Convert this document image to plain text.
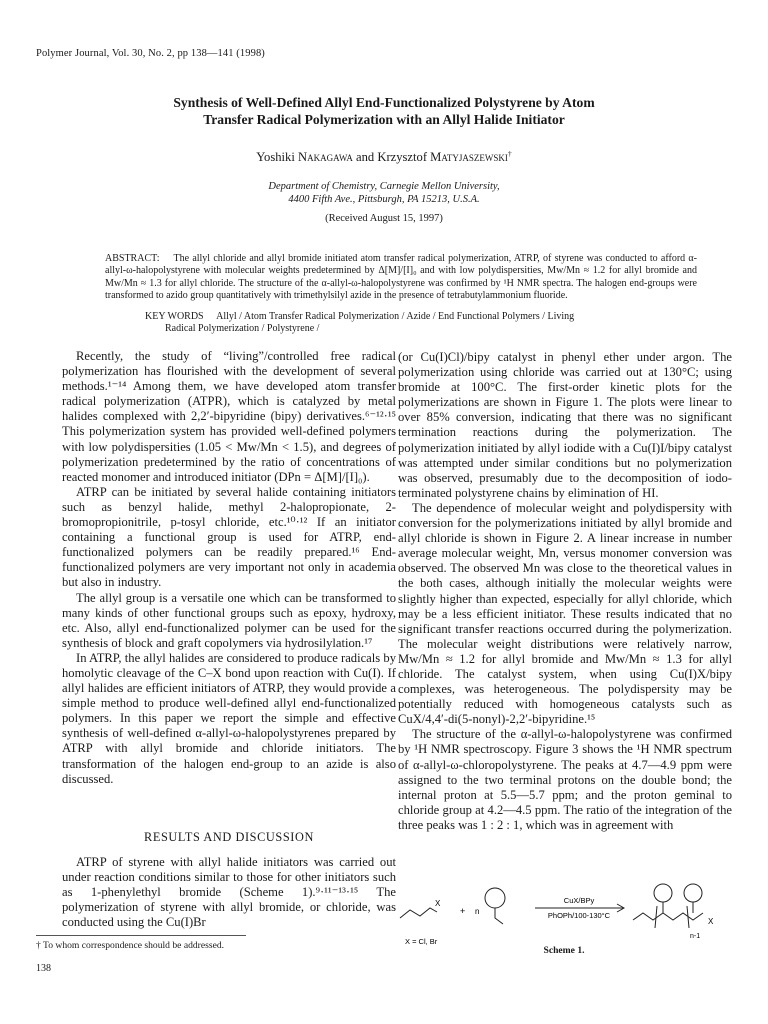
Polymer Journal, Vol. 30, No. 2, pp 138—141 (1998)
Synthesis of Well-Defined Allyl End-Functionalized Polystyrene by Atom
Transfer Radical Polymerization with an Allyl Halide Initiator
Yoshiki Nakagawa and Krzysztof Matyjaszewski†
Department of Chemistry, Carnegie Mellon University,
4400 Fifth Ave., Pittsburgh, PA 15213, U.S.A.
(Received August 15, 1997)
ABSTRACT: The allyl chloride and allyl bromide initiated atom transfer radical polymerization, ATRP, of styrene was conducted to afford α-allyl-ω-halopolystyrene with molecular weights predetermined by Δ[M]/[I]₀ and with low polydispersities, Mw/Mn ≈ 1.2 for allyl bromide and Mw/Mn ≈ 1.3 for allyl chloride. The structure of the α-allyl-ω-halopolystyrene was confirmed by ¹H NMR spectra. The halogen end-groups were transformed to azido group quantitatively with trimethylsilyl azide in the presence of tetrabutylammonium fluoride.
KEY WORDS Allyl / Atom Transfer Radical Polymerization / Azide / End Functional Polymers / Living
Radical Polymerization / Polystyrene /

Recently, the study of “living”/controlled free radical polymerization has flourished with the development of several methods.¹⁻¹⁴ Among them, we have developed atom transfer radical polymerization (ATPR), which is catalyzed by metal halides complexed with 2,2′-bipyridine (bipy) derivatives.⁶⁻¹²·¹⁵ This polymerization system has provided well-defined polymers with low polydispersities (1.05 < Mw/Mn < 1.5), and degrees of polymerization predetermined by the ratio of concentrations of reacted monomer and introduced initiator (DPn = Δ[M]/[I]₀).

ATRP can be initiated by several halide containing initiators such as benzyl halide, methyl 2-halopropionate, 2-bromopropionitrile, p-tosyl chloride, etc.¹⁰·¹² If an initiator containing a functional group is used for ATRP, end-functionalized polymers can be readily prepared.¹⁶ End-functionalized polymers are very important not only in academia but also in industry.

The allyl group is a versatile one which can be transformed to many kinds of other functional groups such as epoxy, hydroxy, etc. Also, allyl end-functionalized polymer can be used for the synthesis of block and graft copolymers via hydrosilylation.¹⁷

In ATRP, the allyl halides are considered to produce radicals by homolytic cleavage of the C–X bond upon reaction with Cu(I). If allyl halides are efficient initiators of ATRP, they would provide a simple method to produce well-defined allyl end-functionalized polymers. In this paper we report the simple and effective synthesis of well-defined α-allyl-ω-halopolystyrenes prepared by ATRP with allyl bromide and chloride initiators. The transformation of the halogen end-group to an azide is also discussed.

RESULTS AND DISCUSSION

ATRP of styrene with allyl halide initiators was carried out under reaction conditions similar to those for other initiators such as 1-phenylethyl bromide (Scheme 1).⁹·¹¹⁻¹³·¹⁵ The polymerization of styrene with allyl bromide, or chloride, was conducted using the Cu(I)Br

(or Cu(I)Cl)/bipy catalyst in phenyl ether under argon. The polymerization using chloride was carried out at 130°C; using bromide at 100°C. The first-order kinetic plots for the polymerizations are shown in Figure 1. The plots were linear to over 85% conversion, indicating that there was no significant termination reactions during the polymerization. The polymerization initiated by allyl iodide with a Cu(I)I/bipy catalyst was attempted under similar conditions but no polymerization was observed, presumably due to the decomposition of iodo-terminated polystyrene chains by elimination of HI.

The dependence of molecular weight and polydispersity with conversion for the polymerizations initiated by allyl bromide and allyl chloride is shown in Figure 2. A linear increase in number average molecular weight, Mn, versus monomer conversion was observed. The observed Mn was close to the theoretical values in the both cases, although initially the molecular weights were slightly higher than expected, especially for allyl chloride, which may be a less efficient initiator. These results indicated that no significant transfer reactions occurred during the polymerization. The molecular weight distributions were relatively narrow, Mw/Mn ≈ 1.2 for allyl bromide and Mw/Mn ≈ 1.3 for allyl chloride. The catalyst system, when using Cu(I)X/bipy complexes, was heterogeneous. The polydispersity may be potentially reduced with homogeneous catalysts such as CuX/4,4′-di(5-nonyl)-2,2′-bipyridine.¹⁵

The structure of the α-allyl-ω-halopolystyrene was confirmed by ¹H NMR spectroscopy. Figure 3 shows the ¹H NMR spectrum of α-allyl-ω-chloropolystyrene. The peaks at 4.7—4.9 ppm were assigned to the two terminal protons on the double bond; the internal proton at 5.5—5.7 ppm; and the proton geminal to chloride group at 4.2—4.5 ppm. The ratio of the integration of the three peaks was 1 : 2 : 1, which was in agreement with

X
+ n
CuX/BPy
PhOPh/100-130°C
X = Cl, Br
X
n-1
Scheme 1.
† To whom correspondence should be addressed.
138
